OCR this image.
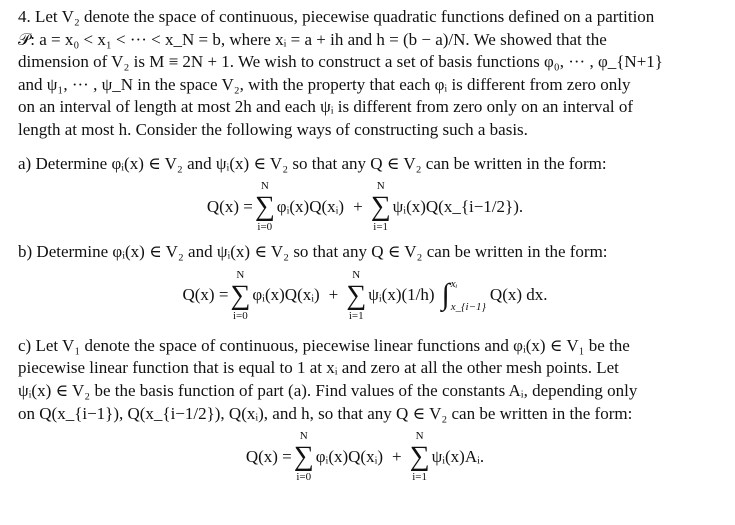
4. Let V₂ denote the space of continuous, piecewise quadratic functions defined on a partition
𝒫: a = x₀ < x₁ < ··· < x_N = b, where xᵢ = a + ih and h = (b − a)/N. We showed that the
dimension of V₂ is M ≡ 2N + 1. We wish to construct a set of basis functions φ₀, ··· , φ_{N+1}
and ψ₁, ··· , ψ_N in the space V₂, with the property that each φᵢ is different from zero only
on an interval of length at most 2h and each ψᵢ is different from zero only on an interval of
length at most h. Consider the following ways of constructing such a basis.
a) Determine φᵢ(x) ∈ V₂ and ψᵢ(x) ∈ V₂ so that any Q ∈ V₂ can be written in the form:
Q(x) =
N
∑
i=0
φᵢ(x)Q(xᵢ) +
N
∑
i=1
ψᵢ(x)Q(x_{i−1/2}).
b) Determine φᵢ(x) ∈ V₂ and ψᵢ(x) ∈ V₂ so that any Q ∈ V₂ can be written in the form:
Q(x) =
N
∑
i=0
φᵢ(x)Q(xᵢ) +
N
∑
i=1
ψᵢ(x)(1/h) ∫ xᵢ
x_{i−1}
Q(x) dx.
c) Let V₁ denote the space of continuous, piecewise linear functions and φᵢ(x) ∈ V₁ be the
piecewise linear function that is equal to 1 at xᵢ and zero at all the other mesh points. Let
ψᵢ(x) ∈ V₂ be the basis function of part (a). Find values of the constants Aᵢ, depending only
on Q(x_{i−1}), Q(x_{i−1/2}), Q(xᵢ), and h, so that any Q ∈ V₂ can be written in the form:
Q(x) =
N
∑
i=0
φᵢ(x)Q(xᵢ) +
N
∑
i=1
ψᵢ(x)Aᵢ.
